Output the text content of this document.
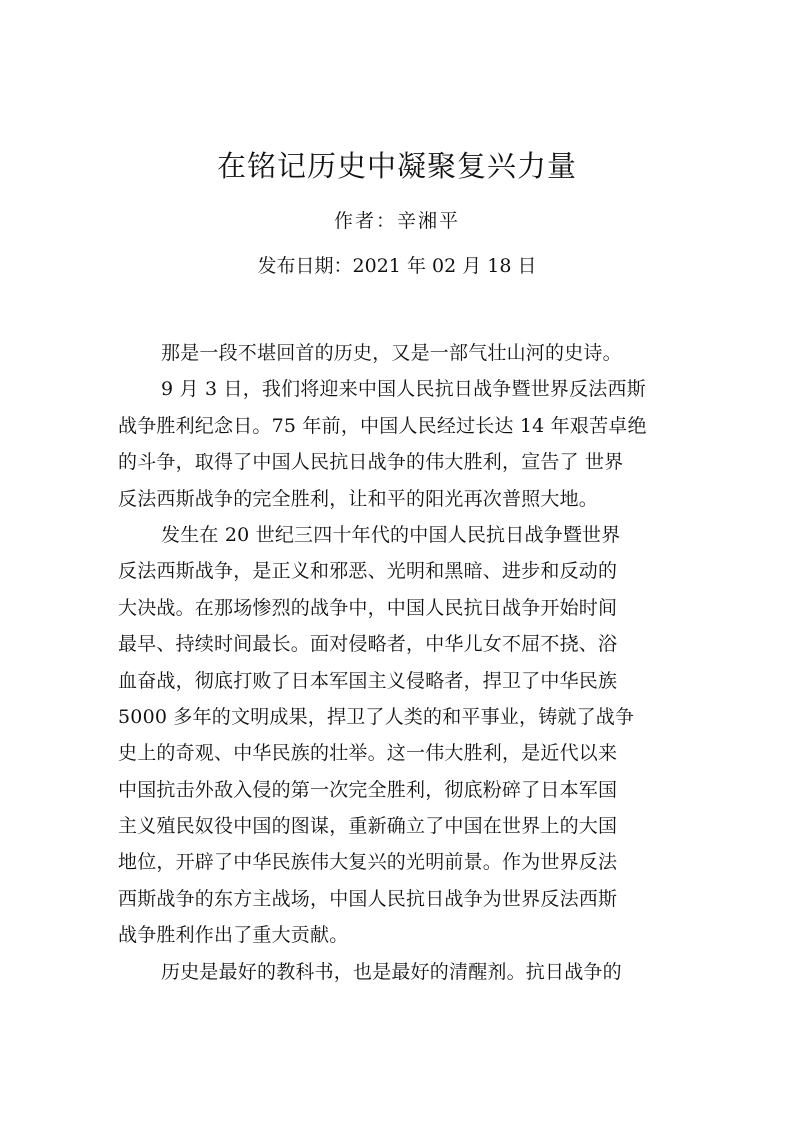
在铭记历史中凝聚复兴力量
作者：辛湘平
发布日期：2021 年 02 月 18 日
那是一段不堪回首的历史，又是一部气壮山河的史诗。
9 月 3 日，我们将迎来中国人民抗日战争暨世界反法西斯
战争胜利纪念日。75 年前，中国人民经过长达 14 年艰苦卓绝
的斗争，取得了中国人民抗日战争的伟大胜利，宣告了 世界
反法西斯战争的完全胜利，让和平的阳光再次普照大地。
发生在 20 世纪三四十年代的中国人民抗日战争暨世界
反法西斯战争，是正义和邪恶、光明和黑暗、进步和反动的
大决战。在那场惨烈的战争中，中国人民抗日战争开始时间
最早、持续时间最长。面对侵略者，中华儿女不屈不挠、浴
血奋战，彻底打败了日本军国主义侵略者，捍卫了中华民族
5000 多年的文明成果，捍卫了人类的和平事业，铸就了战争
史上的奇观、中华民族的壮举。这一伟大胜利，是近代以来
中国抗击外敌入侵的第一次完全胜利，彻底粉碎了日本军国
主义殖民奴役中国的图谋，重新确立了中国在世界上的大国
地位，开辟了中华民族伟大复兴的光明前景。作为世界反法
西斯战争的东方主战场，中国人民抗日战争为世界反法西斯
战争胜利作出了重大贡献。
历史是最好的教科书，也是最好的清醒剂。抗日战争的
